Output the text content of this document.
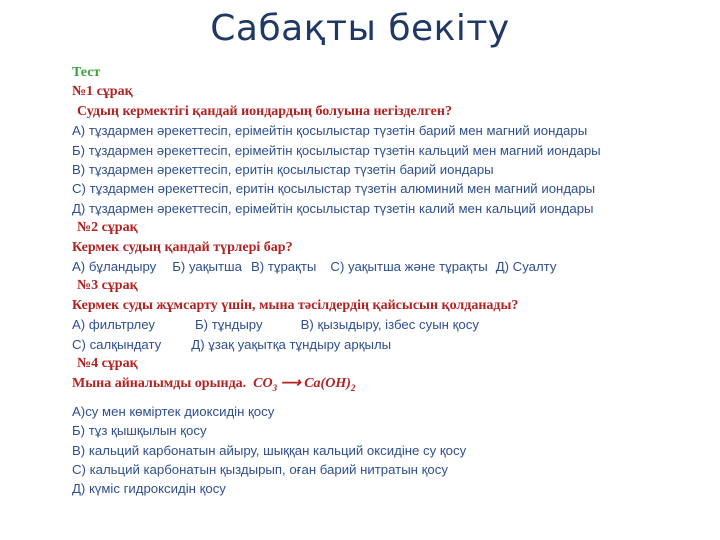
Сабақты бекіту
Тест
№1 сұрақ
Судың кермектігі қандай иондардың болуына негізделген?
А) тұздармен әрекеттесіп, ерімейтін қосылыстар түзетін барий мен магний иондары
Б) тұздармен әрекеттесіп, ерімейтін қосылыстар түзетін кальций мен магний иондары
В) тұздармен әрекеттесіп, еритін қосылыстар түзетін барий иондары
С) тұздармен әрекеттесіп, еритін қосылыстар түзетін алюминий мен магний иондары
Д) тұздармен әрекеттесіп, ерімейтін қосылыстар түзетін калий мен кальций иондары
№2 сұрақ
Кермек судың қандай түрлері бар?
А) бұландыру Б) уақытша В) тұрақты С) уақытша және тұрақты Д) Суалту
№3 сұрақ
Кермек суды жұмсарту үшін, мына тәсілдердің қайсысын қолданады?
А) фильтрлеу	Б) тұндыру	В) қызыдыру, ізбес суын қосу
С) салқындату Д) ұзақ уақытқа тұндыру арқылы
№4 сұрақ
Мына айналымды орында. $CO_3$ ⟶ $Ca(OH)_2$
А)су мен көміртек диоксидін қосу
Б) тұз қышқылын қосу
В) кальций карбонатын айыру, шыққан кальций оксидіне су қосу
С) кальций карбонатын қыздырып, оған барий нитратын қосу
Д) күміс гидроксидін қосу
